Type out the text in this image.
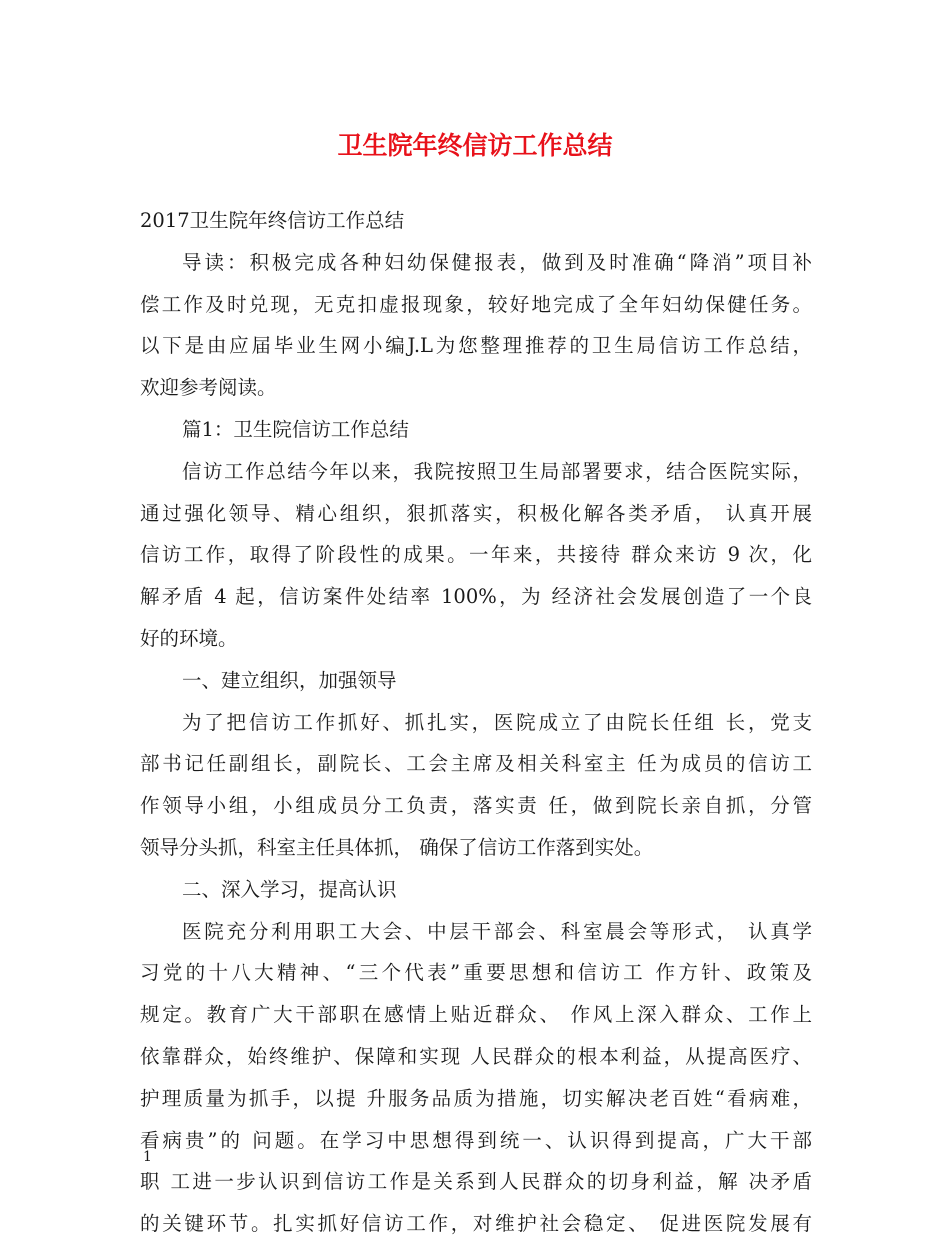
卫生院年终信访工作总结
2017卫生院年终信访工作总结
导读：积极完成各种妇幼保健报表，做到及时准确“降消”项目补
偿工作及时兑现，无克扣虚报现象，较好地完成了全年妇幼保健任务。
以下是由应届毕业生网小编J.L为您整理推荐的卫生局信访工作总结，
欢迎参考阅读。
篇1：卫生院信访工作总结
信访工作总结今年以来，我院按照卫生局部署要求，结合医院实际，
通过强化领导、精心组织，狠抓落实，积极化解各类矛盾， 认真开展
信访工作，取得了阶段性的成果。一年来，共接待 群众来访 9 次，化
解矛盾 4 起，信访案件处结率 100%，为 经济社会发展创造了一个良
好的环境。
一、建立组织，加强领导
为了把信访工作抓好、抓扎实，医院成立了由院长任组 长，党支
部书记任副组长，副院长、工会主席及相关科室主 任为成员的信访工
作领导小组，小组成员分工负责，落实责 任，做到院长亲自抓，分管
领导分头抓，科室主任具体抓， 确保了信访工作落到实处。
二、深入学习，提高认识
医院充分利用职工大会、中层干部会、科室晨会等形式， 认真学
习党的十八大精神、“三个代表”重要思想和信访工 作方针、政策及
规定。教育广大干部职在感情上贴近群众、 作风上深入群众、工作上
依靠群众，始终维护、保障和实现 人民群众的根本利益，从提高医疗、
护理质量为抓手，以提 升服务品质为措施，切实解决老百姓“看病难，
看病贵”的 问题。在学习中思想得到统一、认识得到提高，广大干部
职 工进一步认识到信访工作是关系到人民群众的切身利益，解 决矛盾
的关键环节。扎实抓好信访工作，对维护社会稳定、 促进医院发展有
1
